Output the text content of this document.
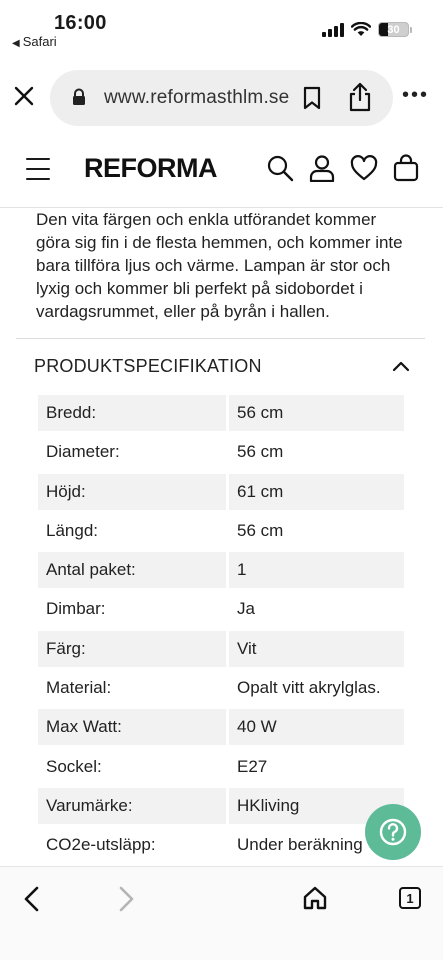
16:00
◀ Safari
30
www.reformasthlm.se	•••
REFORMA

Den vita färgen och enkla utförandet kommer göra sig fin i de flesta hemmen, och kommer inte bara tillföra ljus och värme. Lampan är stor och lyxig och kommer bli perfekt på sidobordet i vardagsrummet, eller på byrån i hallen.

PRODUKTSPECIFIKATION
Bredd:	56 cm
Diameter:	56 cm
Höjd:	61 cm
Längd:	56 cm
Antal paket:	1
Dimbar:	Ja
Färg:	Vit
Material:	Opalt vitt akrylglas.
Max Watt:	40 W
Sockel:	E27
Varumärke:	HKliving
CO2e-utsläpp:	Under beräkning
1
